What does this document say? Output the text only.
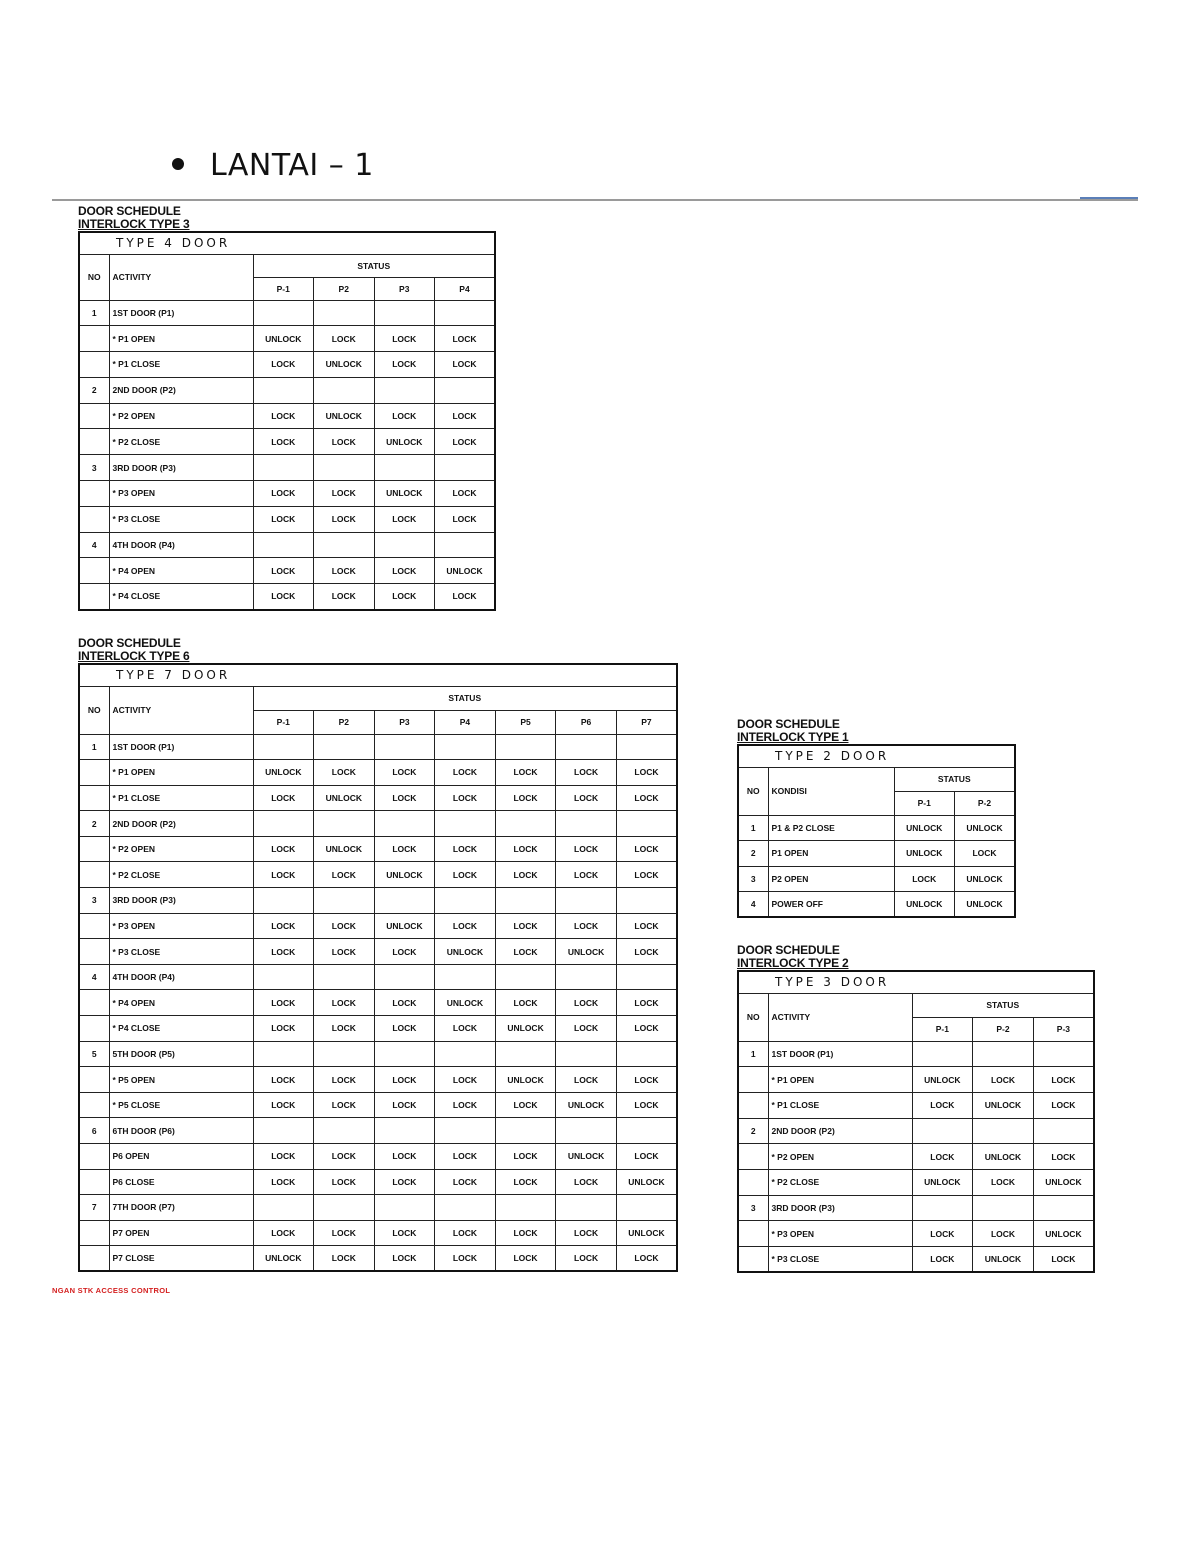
LANTAI – 1
DOOR SCHEDULE
INTERLOCK TYPE 3
TYPE 4 DOOR					
NO	ACTIVITY	STATUS			
		P-1	P2	P3	P4
1	1ST DOOR (P1)				
	* P1 OPEN	UNLOCK	LOCK	LOCK	LOCK
	* P1 CLOSE	LOCK	UNLOCK	LOCK	LOCK
2	2ND DOOR (P2)				
	* P2 OPEN	LOCK	UNLOCK	LOCK	LOCK
	* P2 CLOSE	LOCK	LOCK	UNLOCK	LOCK
3	3RD DOOR (P3)				
	* P3 OPEN	LOCK	LOCK	UNLOCK	LOCK
	* P3 CLOSE	LOCK	LOCK	LOCK	LOCK
4	4TH DOOR (P4)				
	* P4 OPEN	LOCK	LOCK	LOCK	UNLOCK
	* P4 CLOSE	LOCK	LOCK	LOCK	LOCK
DOOR SCHEDULE
INTERLOCK TYPE 6
TYPE 7 DOOR								
NO	ACTIVITY	STATUS						
		P-1	P2	P3	P4	P5	P6	P7
1	1ST DOOR (P1)							
	* P1 OPEN	UNLOCK	LOCK	LOCK	LOCK	LOCK	LOCK	LOCK
	* P1 CLOSE	LOCK	UNLOCK	LOCK	LOCK	LOCK	LOCK	LOCK
2	2ND DOOR (P2)							
	* P2 OPEN	LOCK	UNLOCK	LOCK	LOCK	LOCK	LOCK	LOCK
	* P2 CLOSE	LOCK	LOCK	UNLOCK	LOCK	LOCK	LOCK	LOCK
3	3RD DOOR (P3)							
	* P3 OPEN	LOCK	LOCK	UNLOCK	LOCK	LOCK	LOCK	LOCK
	* P3 CLOSE	LOCK	LOCK	LOCK	UNLOCK	LOCK	UNLOCK	LOCK
4	4TH DOOR (P4)							
	* P4 OPEN	LOCK	LOCK	LOCK	UNLOCK	LOCK	LOCK	LOCK
	* P4 CLOSE	LOCK	LOCK	LOCK	LOCK	UNLOCK	LOCK	LOCK
5	5TH DOOR (P5)							
	* P5 OPEN	LOCK	LOCK	LOCK	LOCK	UNLOCK	LOCK	LOCK
	* P5 CLOSE	LOCK	LOCK	LOCK	LOCK	LOCK	UNLOCK	LOCK
6	6TH DOOR (P6)							
	P6 OPEN	LOCK	LOCK	LOCK	LOCK	LOCK	UNLOCK	LOCK
	P6 CLOSE	LOCK	LOCK	LOCK	LOCK	LOCK	LOCK	UNLOCK
7	7TH DOOR (P7)							
	P7 OPEN	LOCK	LOCK	LOCK	LOCK	LOCK	LOCK	UNLOCK
	P7 CLOSE	UNLOCK	LOCK	LOCK	LOCK	LOCK	LOCK	LOCK
DOOR SCHEDULE
INTERLOCK TYPE 1
TYPE 2 DOOR			
NO	KONDISI	STATUS	
		P-1	P-2
1	P1 & P2 CLOSE	UNLOCK	UNLOCK
2	P1 OPEN	UNLOCK	LOCK
3	P2 OPEN	LOCK	UNLOCK
4	POWER OFF	UNLOCK	UNLOCK
DOOR SCHEDULE
INTERLOCK TYPE 2
TYPE 3 DOOR				
NO	ACTIVITY	STATUS		
		P-1	P-2	P-3
1	1ST DOOR (P1)			
	* P1 OPEN	UNLOCK	LOCK	LOCK
	* P1 CLOSE	LOCK	UNLOCK	LOCK
2	2ND DOOR (P2)			
	* P2 OPEN	LOCK	UNLOCK	LOCK
	* P2 CLOSE	UNLOCK	LOCK	UNLOCK
3	3RD DOOR (P3)			
	* P3 OPEN	LOCK	LOCK	UNLOCK
	* P3 CLOSE	LOCK	UNLOCK	LOCK
NGAN STK ACCESS CONTROL
